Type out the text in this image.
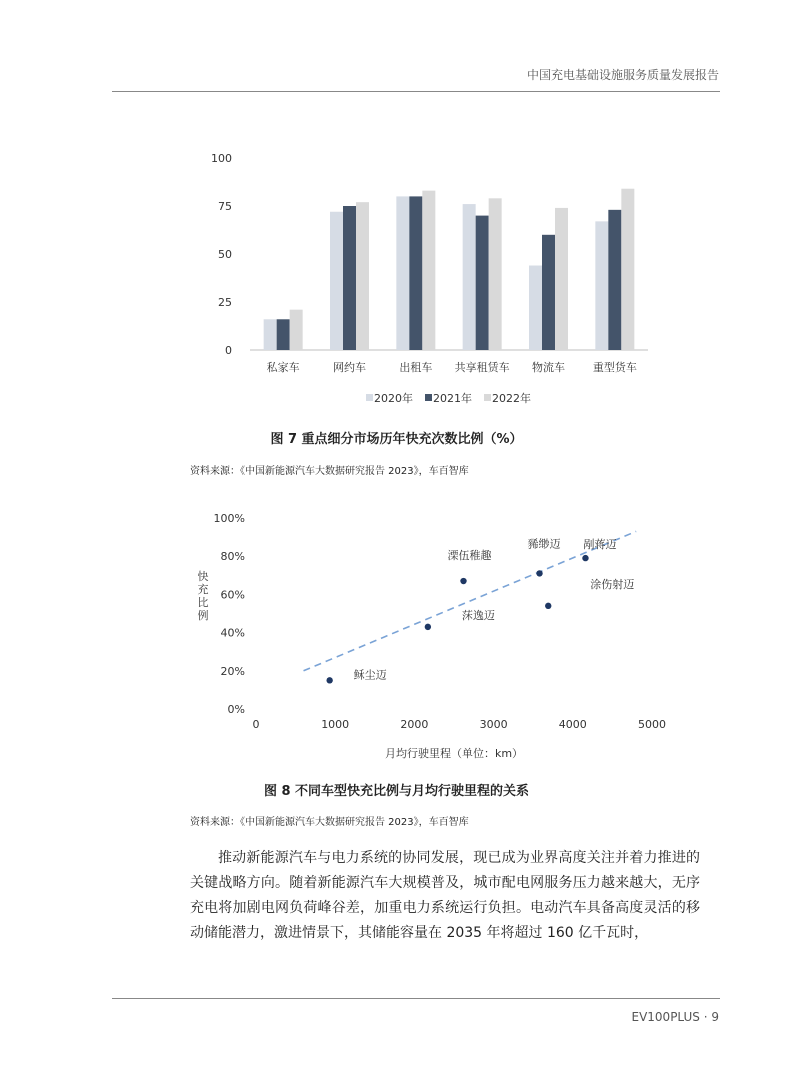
中国充电基础设施服务质量发展报告
0
25
50
75
100
私家车	网约车	出租车 共享租赁车 物流车	重型货车
2020年 2021年 2022年
图 7 重点细分市场历年快充次数比例（%）
资料来源：《中国新能源汽车大数据研究报告 2023》，车百智库
0%
20%
40%
60%
80%
100%
0	1000	2000	3000	4000	5000
快充比例
月均行驶里程（单位：km）
稣尘迈
莯逸迈
溧伍稚趣
豨缈迈
涂伤射迈
剐蒋迈
图 8 不同车型快充比例与月均行驶里程的关系
资料来源：《中国新能源汽车大数据研究报告 2023》，车百智库

推动新能源汽车与电力系统的协同发展，现已成为业界高度关注并着力推进的关键战略方向。随着新能源汽车大规模普及，城市配电网服务压力越来越大，无序充电将加剧电网负荷峰谷差，加重电力系统运行负担。电动汽车具备高度灵活的移动储能潜力，激进情景下，其储能容量在 2035 年将超过 160 亿千瓦时，

EV100PLUS · 9
